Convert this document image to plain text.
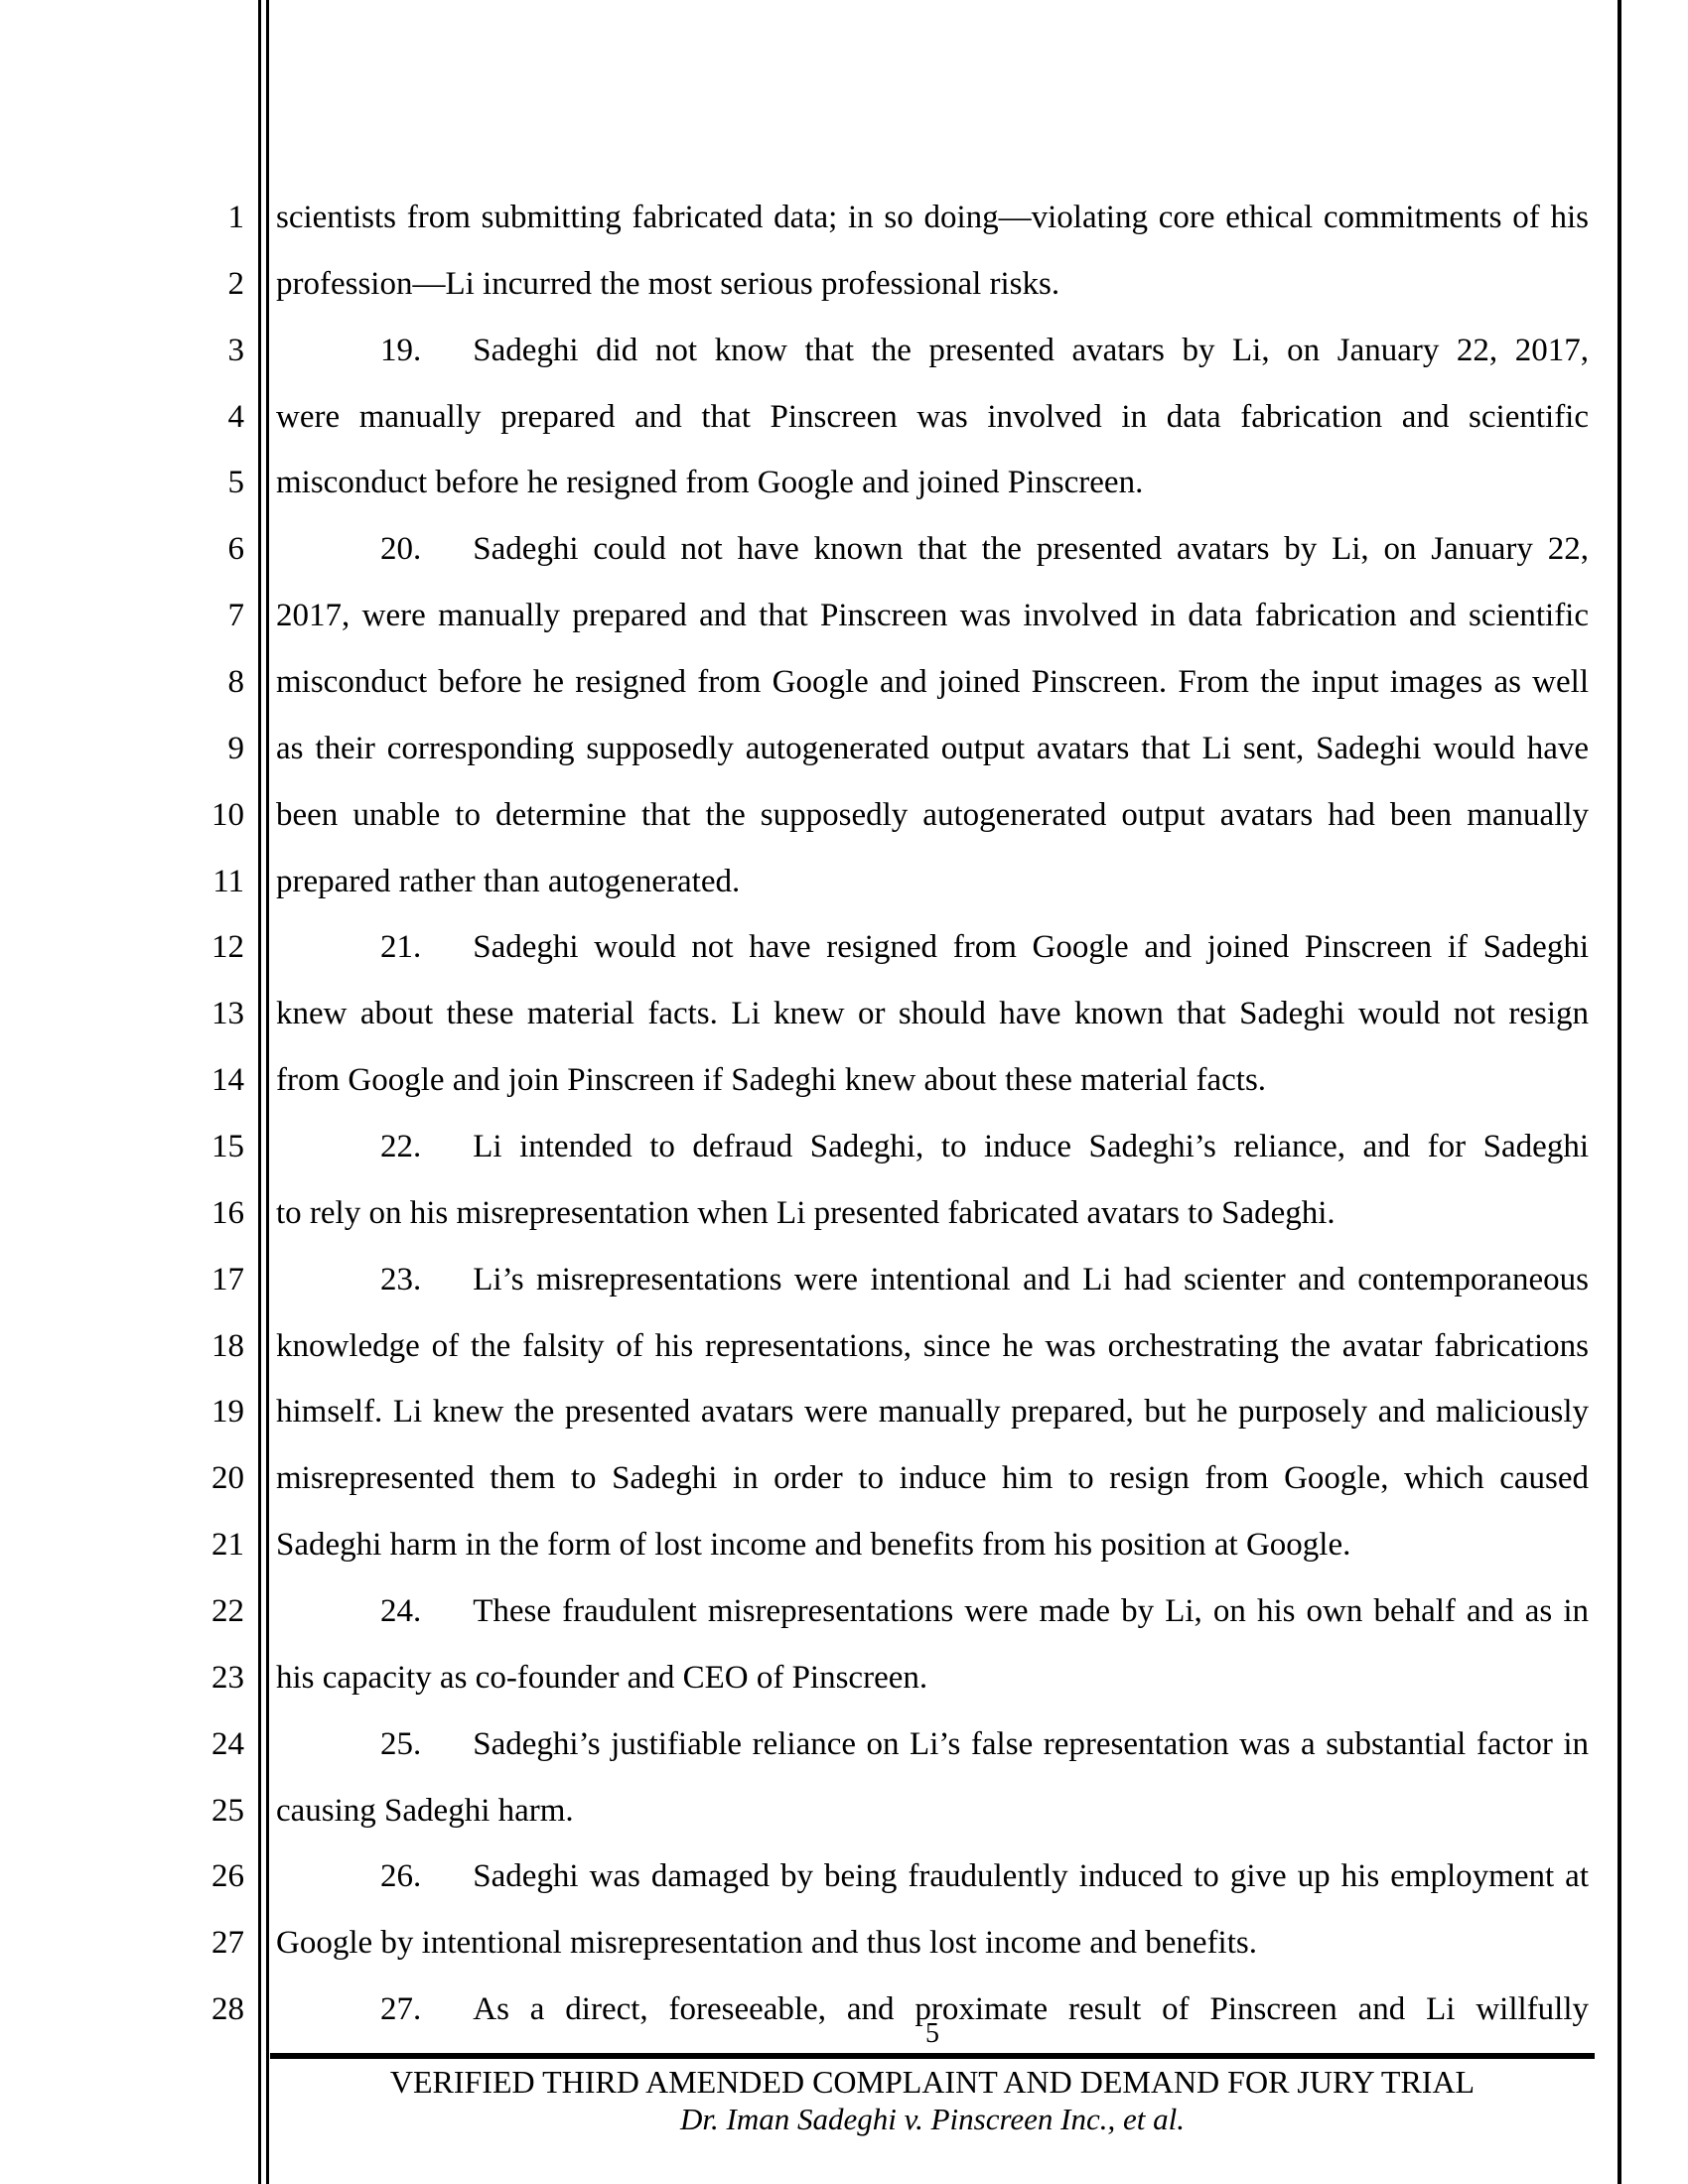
1 scientists from submitting fabricated data; in so doing—violating core ethical commitments of his
2 profession—Li incurred the most serious professional risks.
3	19. Sadeghi did not know that the presented avatars by Li, on January 22, 2017,
4 were manually prepared and that Pinscreen was involved in data fabrication and scientific
5 misconduct before he resigned from Google and joined Pinscreen.
6	20. Sadeghi could not have known that the presented avatars by Li, on January 22,
7 2017, were manually prepared and that Pinscreen was involved in data fabrication and scientific
8 misconduct before he resigned from Google and joined Pinscreen. From the input images as well
9 as their corresponding supposedly autogenerated output avatars that Li sent, Sadeghi would have
10 been unable to determine that the supposedly autogenerated output avatars had been manually
11 prepared rather than autogenerated.
12	21. Sadeghi would not have resigned from Google and joined Pinscreen if Sadeghi
13 knew about these material facts. Li knew or should have known that Sadeghi would not resign
14 from Google and join Pinscreen if Sadeghi knew about these material facts.
15	22. Li intended to defraud Sadeghi, to induce Sadeghi’s reliance, and for Sadeghi
16 to rely on his misrepresentation when Li presented fabricated avatars to Sadeghi.
17	23. Li’s misrepresentations were intentional and Li had scienter and contemporaneous
18 knowledge of the falsity of his representations, since he was orchestrating the avatar fabrications
19 himself. Li knew the presented avatars were manually prepared, but he purposely and maliciously
20 misrepresented them to Sadeghi in order to induce him to resign from Google, which caused
21 Sadeghi harm in the form of lost income and benefits from his position at Google.
22	24. These fraudulent misrepresentations were made by Li, on his own behalf and as in
23 his capacity as co-founder and CEO of Pinscreen.
24	25. Sadeghi’s justifiable reliance on Li’s false representation was a substantial factor in
25 causing Sadeghi harm.
26	26. Sadeghi was damaged by being fraudulently induced to give up his employment at
27 Google by intentional misrepresentation and thus lost income and benefits.
28	27. As a direct, foreseeable, and proximate result of Pinscreen and Li willfully
5
VERIFIED THIRD AMENDED COMPLAINT AND DEMAND FOR JURY TRIAL
Dr. Iman Sadeghi v. Pinscreen Inc., et al.
